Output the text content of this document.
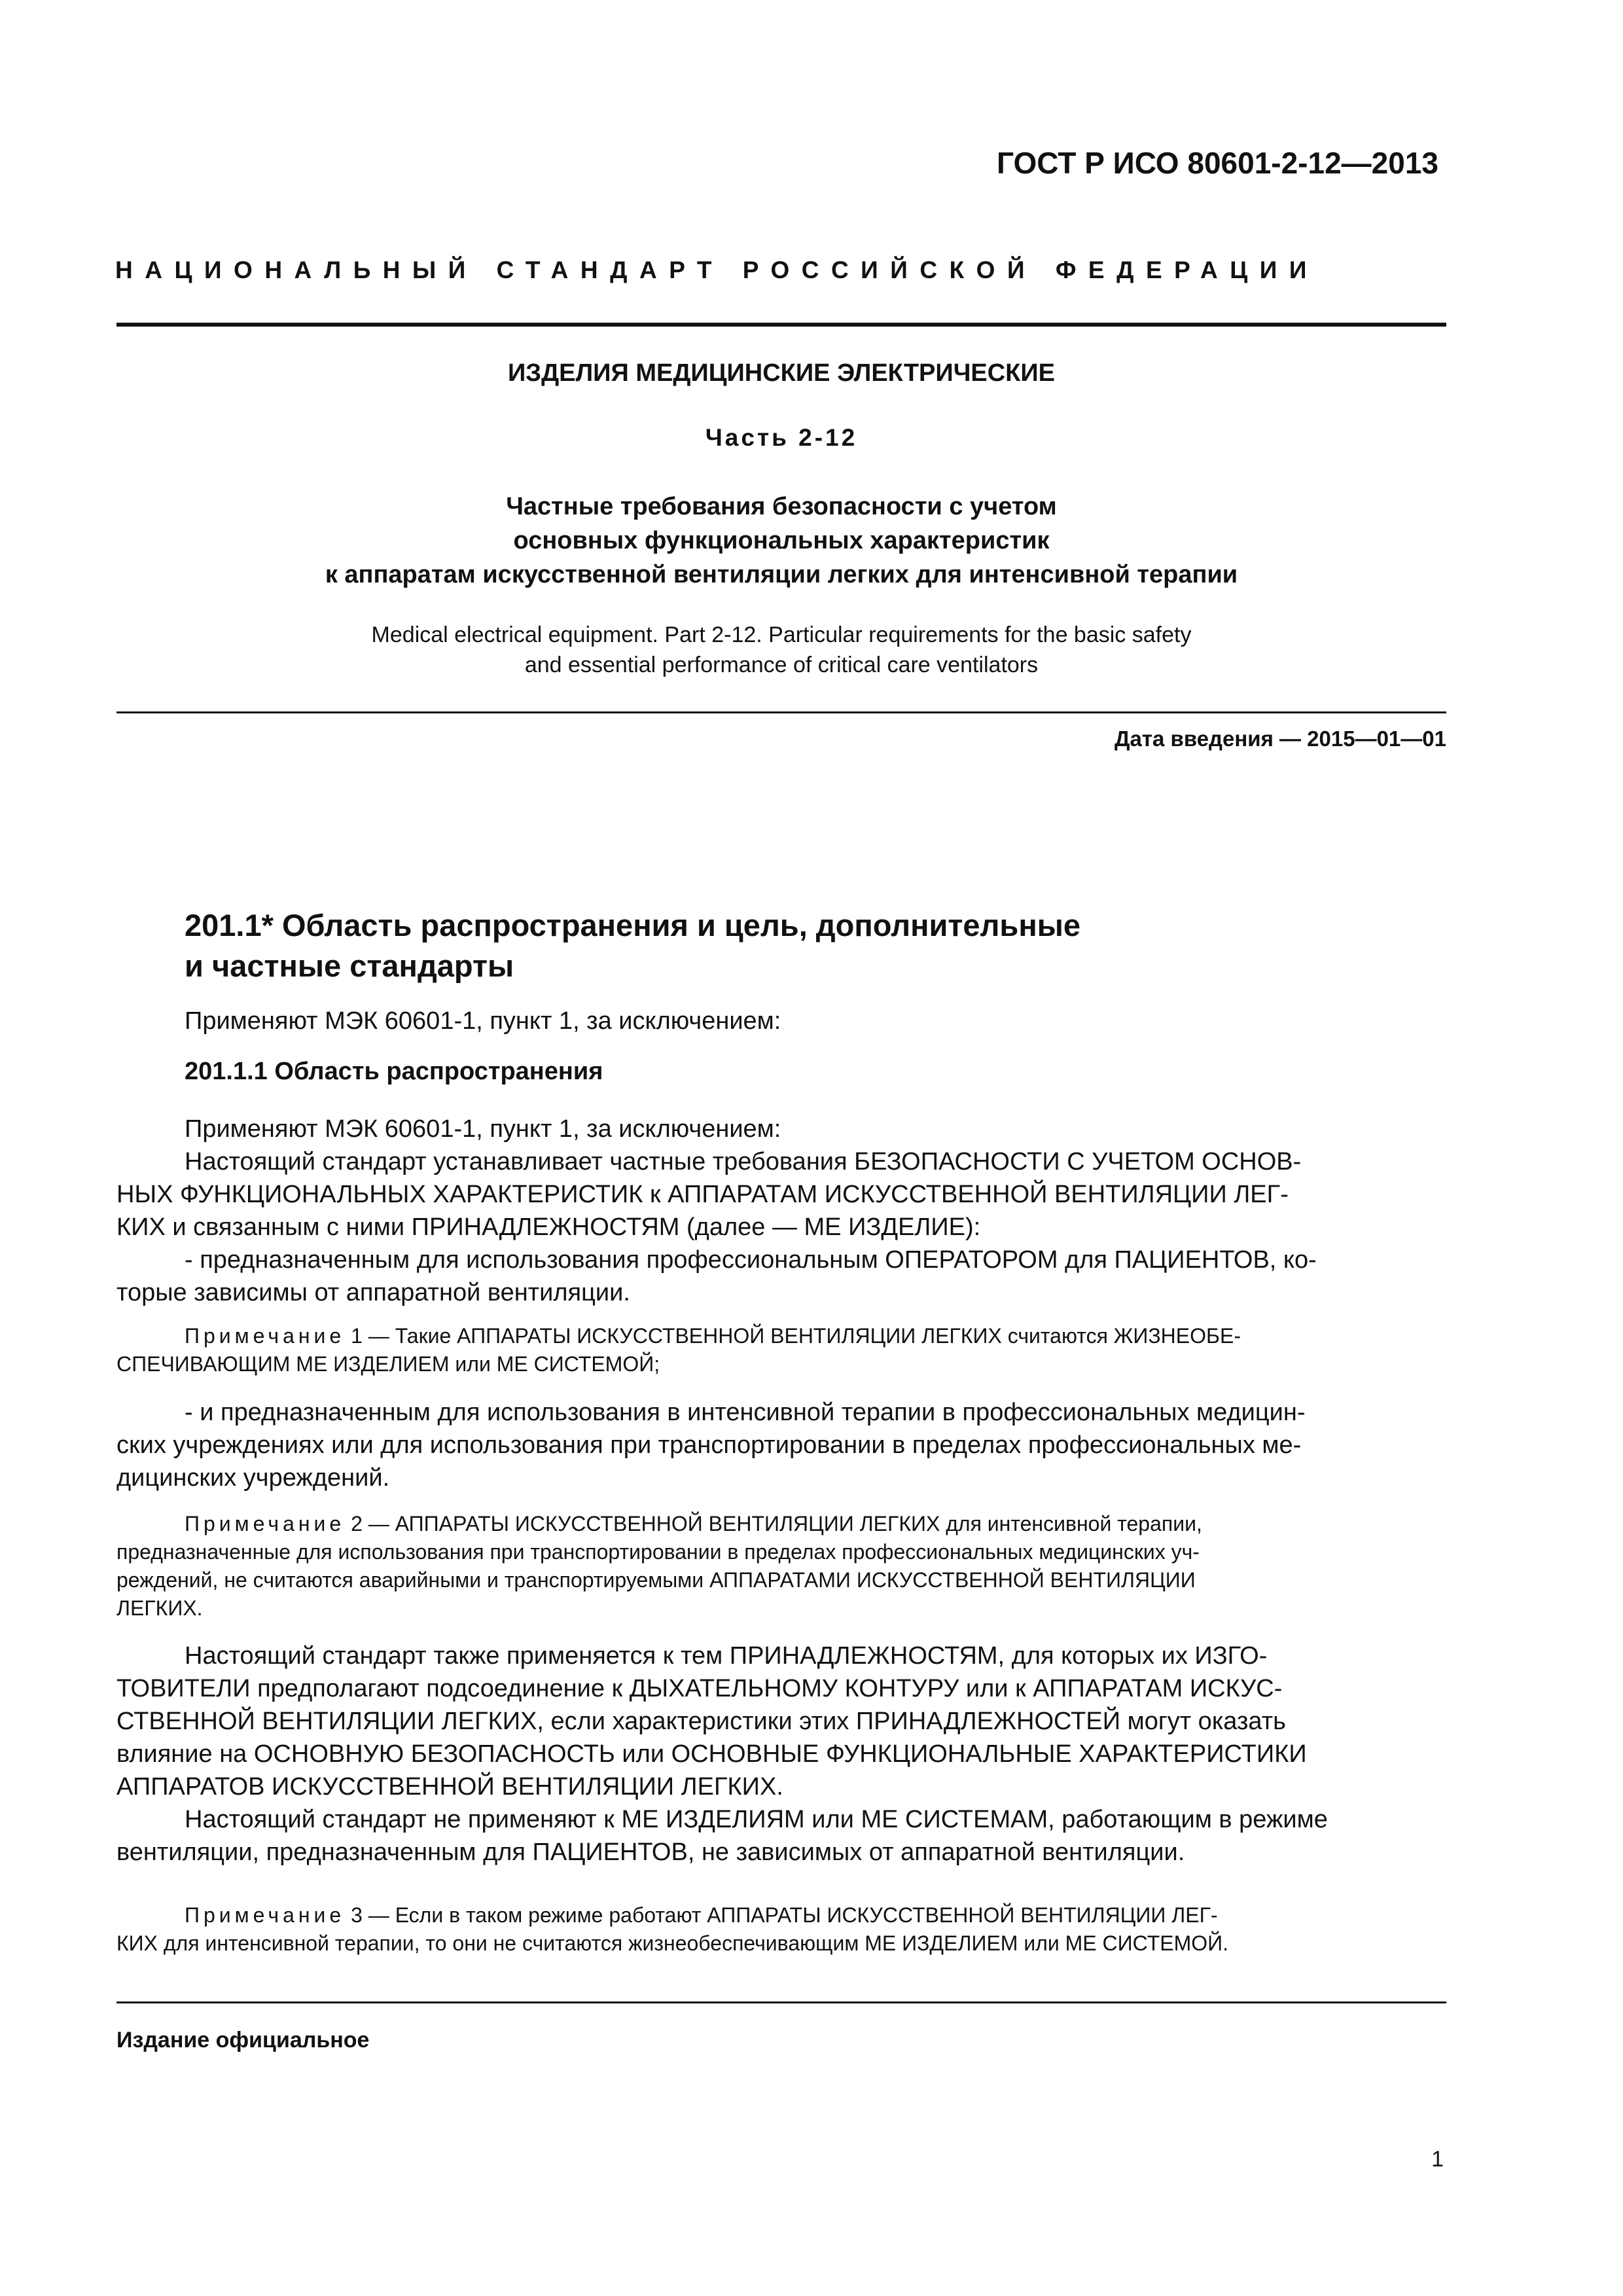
ГОСТ Р ИСО 80601-2-12—2013
НАЦИОНАЛЬНЫЙ СТАНДАРТ РОССИЙСКОЙ ФЕДЕРАЦИИ
ИЗДЕЛИЯ МЕДИЦИНСКИЕ ЭЛЕКТРИЧЕСКИЕ
Часть 2-12
Частные требования безопасности с учетом
основных функциональных характеристик
к аппаратам искусственной вентиляции легких для интенсивной терапии
Medical electrical equipment. Part 2-12. Particular requirements for the basic safety
and essential performance of critical care ventilators
Дата введения — 2015—01—01
201.1* Область распространения и цель, дополнительные
и частные стандарты
Применяют МЭК 60601-1, пункт 1, за исключением:
201.1.1 Область распространения
Применяют МЭК 60601-1, пункт 1, за исключением:
Настоящий стандарт устанавливает частные требования БЕЗОПАСНОСТИ С УЧЕТОМ ОСНОВ-
НЫХ ФУНКЦИОНАЛЬНЫХ ХАРАКТЕРИСТИК к АППАРАТАМ ИСКУССТВЕННОЙ ВЕНТИЛЯЦИИ ЛЕГ-
КИХ и связанным с ними ПРИНАДЛЕЖНОСТЯМ (далее — МЕ ИЗДЕЛИЕ):
- предназначенным для использования профессиональным ОПЕРАТОРОМ для ПАЦИЕНТОВ, ко-
торые зависимы от аппаратной вентиляции.
Примечание 1 — Такие АППАРАТЫ ИСКУССТВЕННОЙ ВЕНТИЛЯЦИИ ЛЕГКИХ считаются ЖИЗНЕОБЕ-
СПЕЧИВАЮЩИМ МЕ ИЗДЕЛИЕМ или МЕ СИСТЕМОЙ;
- и предназначенным для использования в интенсивной терапии в профессиональных медицин-
ских учреждениях или для использования при транспортировании в пределах профессиональных ме-
дицинских учреждений.
Примечание 2 — АППАРАТЫ ИСКУССТВЕННОЙ ВЕНТИЛЯЦИИ ЛЕГКИХ для интенсивной терапии,
предназначенные для использования при транспортировании в пределах профессиональных медицинских уч-
реждений, не считаются аварийными и транспортируемыми АППАРАТАМИ ИСКУССТВЕННОЙ ВЕНТИЛЯЦИИ
ЛЕГКИХ.
Настоящий стандарт также применяется к тем ПРИНАДЛЕЖНОСТЯМ, для которых их ИЗГО-
ТОВИТЕЛИ предполагают подсоединение к ДЫХАТЕЛЬНОМУ КОНТУРУ или к АППАРАТАМ ИСКУС-
СТВЕННОЙ ВЕНТИЛЯЦИИ ЛЕГКИХ, если характеристики этих ПРИНАДЛЕЖНОСТЕЙ могут оказать
влияние на ОСНОВНУЮ БЕЗОПАСНОСТЬ или ОСНОВНЫЕ ФУНКЦИОНАЛЬНЫЕ ХАРАКТЕРИСТИКИ
АППАРАТОВ ИСКУССТВЕННОЙ ВЕНТИЛЯЦИИ ЛЕГКИХ.
Настоящий стандарт не применяют к МЕ ИЗДЕЛИЯМ или МЕ СИСТЕМАМ, работающим в режиме
вентиляции, предназначенным для ПАЦИЕНТОВ, не зависимых от аппаратной вентиляции.
Примечание 3 — Если в таком режиме работают АППАРАТЫ ИСКУССТВЕННОЙ ВЕНТИЛЯЦИИ ЛЕГ-
КИХ для интенсивной терапии, то они не считаются жизнеобеспечивающим МЕ ИЗДЕЛИЕМ или МЕ СИСТЕМОЙ.
Издание официальное
1
